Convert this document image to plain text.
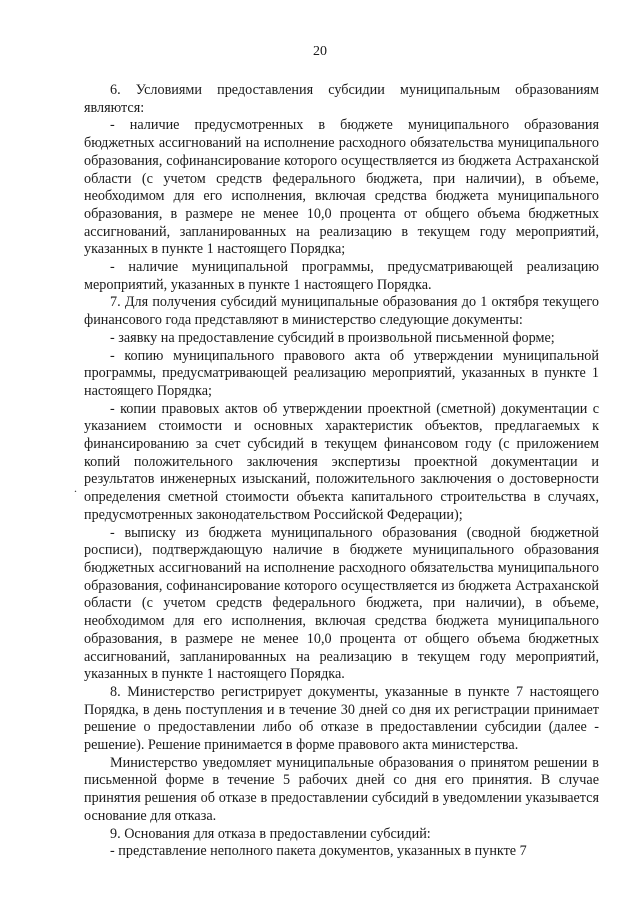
20
.

6. Условиями предоставления субсидии муниципальным образованиям являются:

- наличие предусмотренных в бюджете муниципального образования бюджетных ассигнований на исполнение расходного обязательства муниципального образования, софинансирование которого осуществляется из бюджета Астраханской области (с учетом средств федерального бюджета, при наличии), в объеме, необходимом для его исполнения, включая средства бюджета муниципального образования, в размере не менее 10,0 процента от общего объема бюджетных ассигнований, запланированных на реализацию в текущем году мероприятий, указанных в пункте 1 настоящего Порядка;

- наличие муниципальной программы, предусматривающей реализацию мероприятий, указанных в пункте 1 настоящего Порядка.

7. Для получения субсидий муниципальные образования до 1 октября текущего финансового года представляют в министерство следующие документы:

- заявку на предоставление субсидий в произвольной письменной форме;

- копию муниципального правового акта об утверждении муниципальной программы, предусматривающей реализацию мероприятий, указанных в пункте 1 настоящего Порядка;

- копии правовых актов об утверждении проектной (сметной) документации с указанием стоимости и основных характеристик объектов, предлагаемых к финансированию за счет субсидий в текущем финансовом году (с приложением копий положительного заключения экспертизы проектной документации и результатов инженерных изысканий, положительного заключения о достоверности определения сметной стоимости объекта капитального строительства в случаях, предусмотренных законодательством Российской Федерации);

- выписку из бюджета муниципального образования (сводной бюджетной росписи), подтверждающую наличие в бюджете муниципального образования бюджетных ассигнований на исполнение расходного обязательства муниципального образования, софинансирование которого осуществляется из бюджета Астраханской области (с учетом средств федерального бюджета, при наличии), в объеме, необходимом для его исполнения, включая средства бюджета муниципального образования, в размере не менее 10,0 процента от общего объема бюджетных ассигнований, запланированных на реализацию в текущем году мероприятий, указанных в пункте 1 настоящего Порядка.

8. Министерство регистрирует документы, указанные в пункте 7 настоящего Порядка, в день поступления и в течение 30 дней со дня их регистрации принимает решение о предоставлении либо об отказе в предоставлении субсидии (далее - решение). Решение принимается в форме правового акта министерства.

Министерство уведомляет муниципальные образования о принятом решении в письменной форме в течение 5 рабочих дней со дня его принятия. В случае принятия решения об отказе в предоставлении субсидий в уведомлении указывается основание для отказа.

9. Основания для отказа в предоставлении субсидий:

- представление неполного пакета документов, указанных в пункте 7
